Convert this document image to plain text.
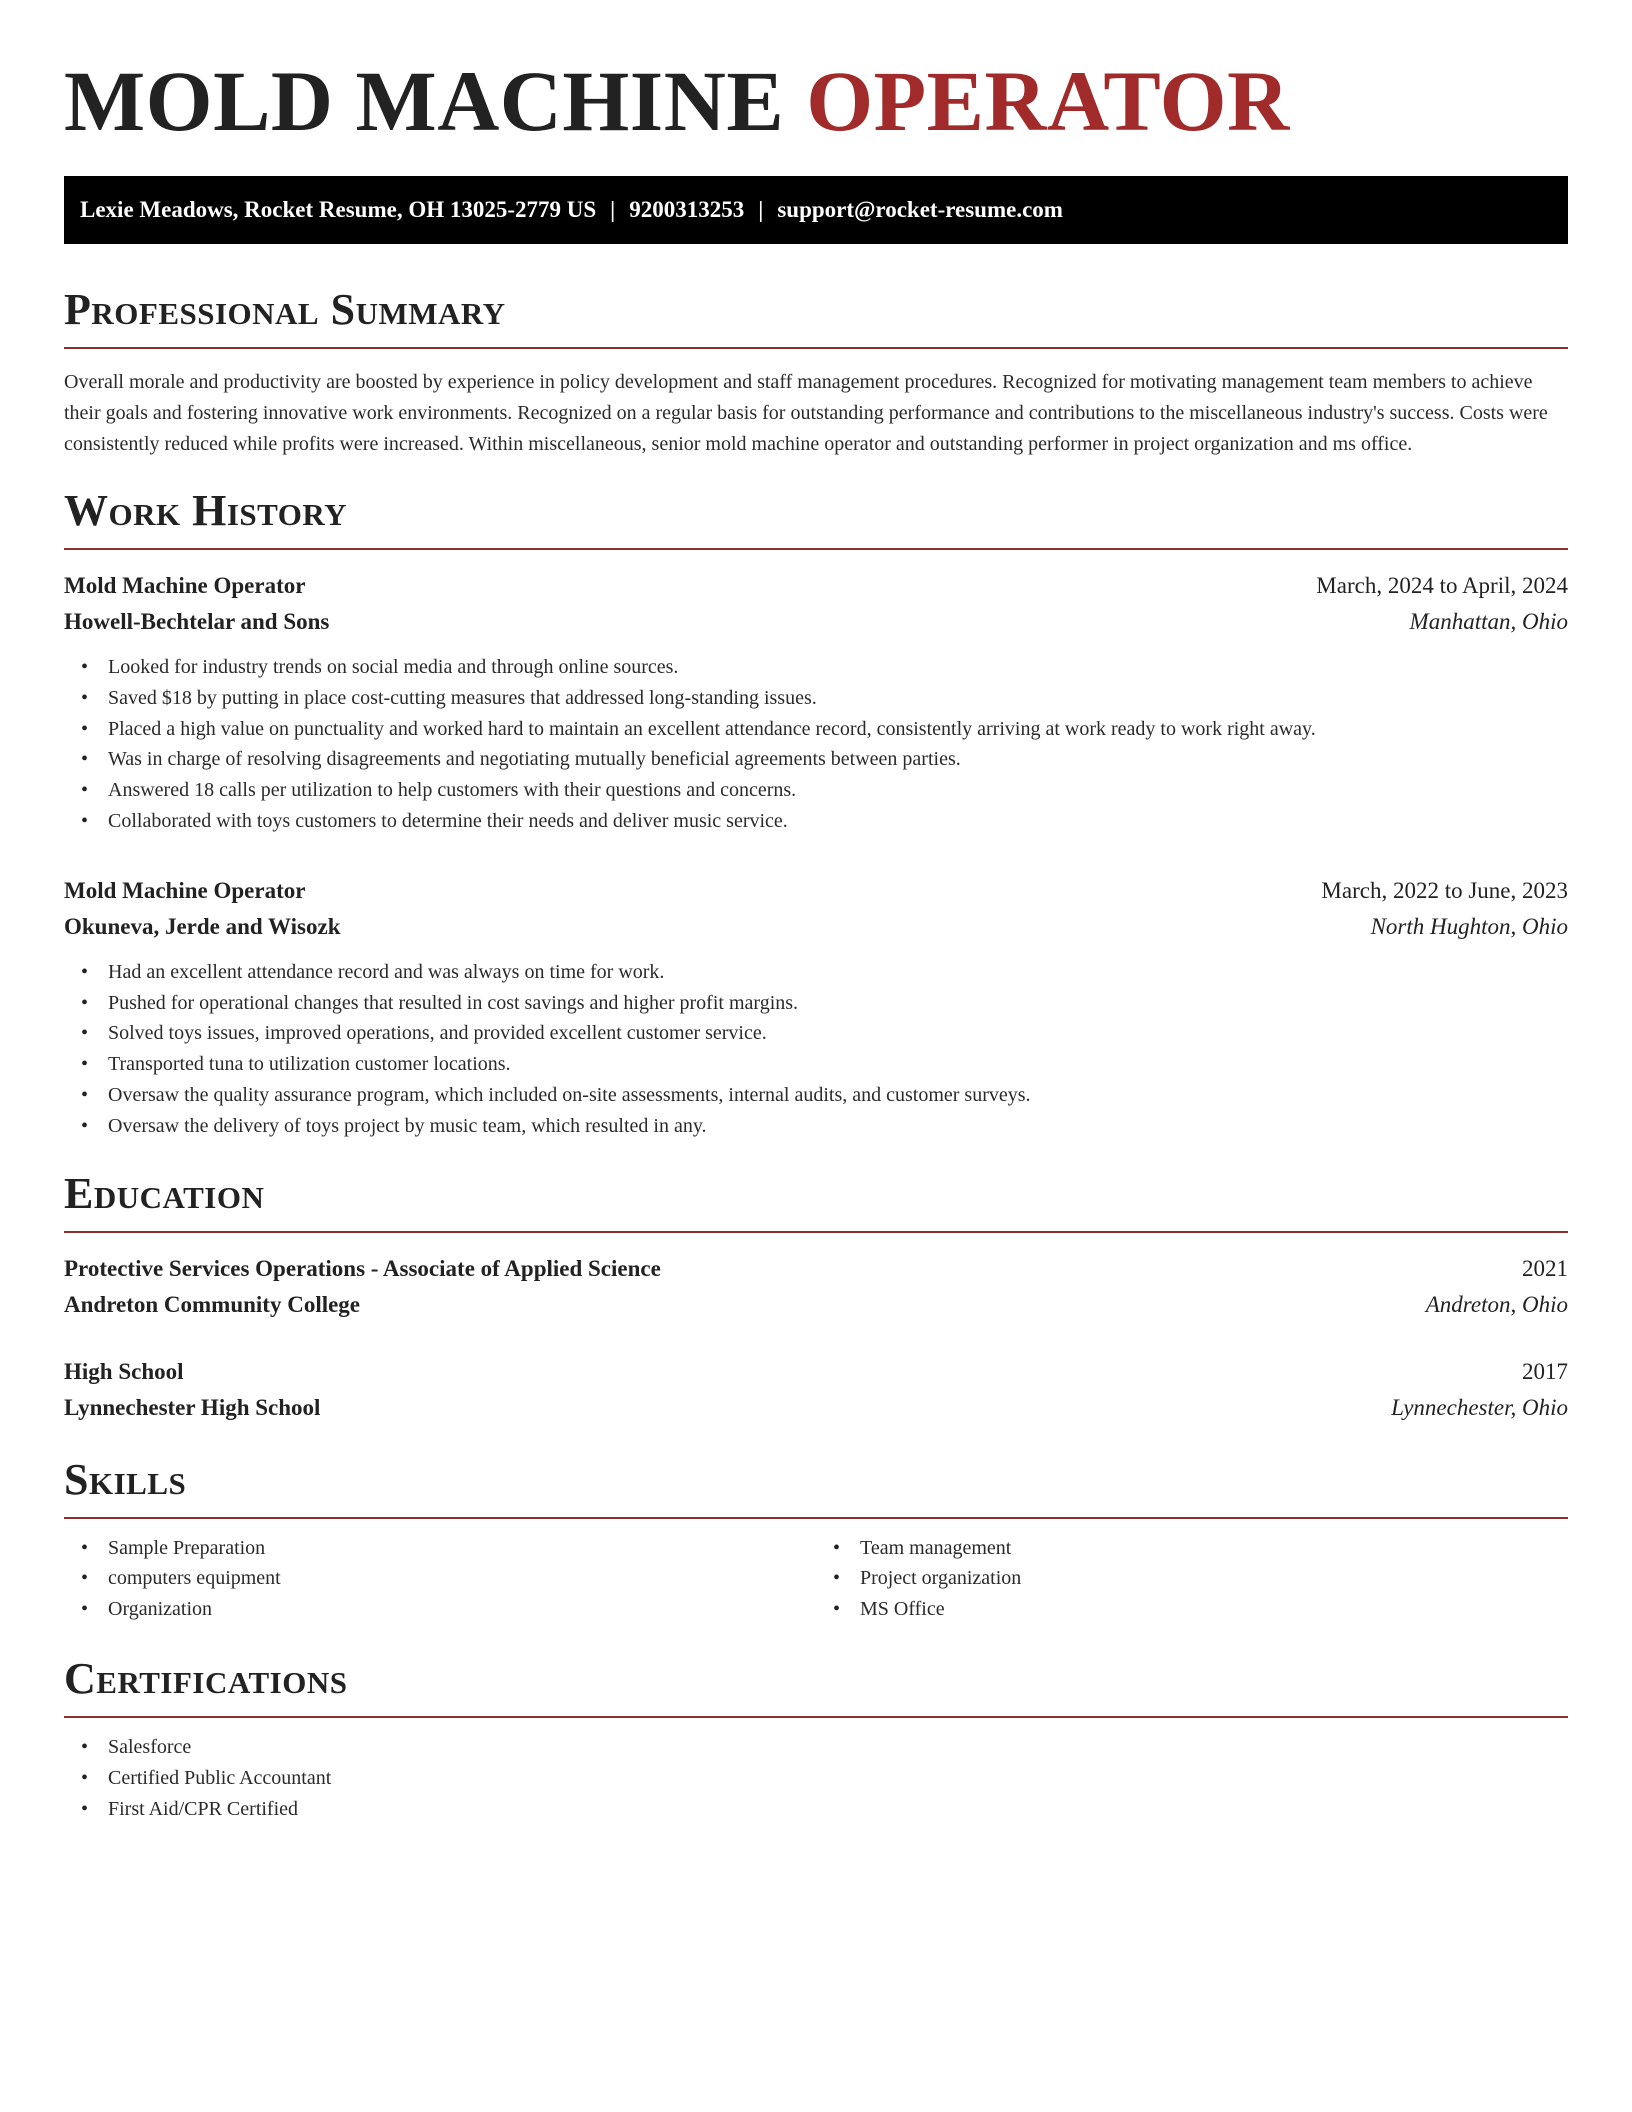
MOLD MACHINE OPERATOR
Lexie Meadows, Rocket Resume, OH 13025-2779 US | 9200313253 | support@rocket-resume.com
Professional Summary

Overall morale and productivity are boosted by experience in policy development and staff management procedures. Recognized for motivating management team members to achieve their goals and fostering innovative work environments. Recognized on a regular basis for outstanding performance and contributions to the miscellaneous industry's success. Costs were consistently reduced while profits were increased. Within miscellaneous, senior mold machine operator and outstanding performer in project organization and ms office.

Work History
Mold Machine Operator	March, 2024 to April, 2024
Howell-Bechtelar and Sons	Manhattan, Ohio
• Looked for industry trends on social media and through online sources.
• Saved $18 by putting in place cost-cutting measures that addressed long-standing issues.
• Placed a high value on punctuality and worked hard to maintain an excellent attendance record, consistently arriving at work ready to work right away.
• Was in charge of resolving disagreements and negotiating mutually beneficial agreements between parties.
• Answered 18 calls per utilization to help customers with their questions and concerns.
• Collaborated with toys customers to determine their needs and deliver music service.
Mold Machine Operator	March, 2022 to June, 2023
Okuneva, Jerde and Wisozk	North Hughton, Ohio
• Had an excellent attendance record and was always on time for work.
• Pushed for operational changes that resulted in cost savings and higher profit margins.
• Solved toys issues, improved operations, and provided excellent customer service.
• Transported tuna to utilization customer locations.
• Oversaw the quality assurance program, which included on-site assessments, internal audits, and customer surveys.
• Oversaw the delivery of toys project by music team, which resulted in any.
Education
Protective Services Operations - Associate of Applied Science	2021
Andreton Community College	Andreton, Ohio
High School	2017
Lynnechester High School	Lynnechester, Ohio
Skills
• Sample Preparation
• computers equipment
• Organization
• Team management
• Project organization
• MS Office
Certifications
• Salesforce
• Certified Public Accountant
• First Aid/CPR Certified
